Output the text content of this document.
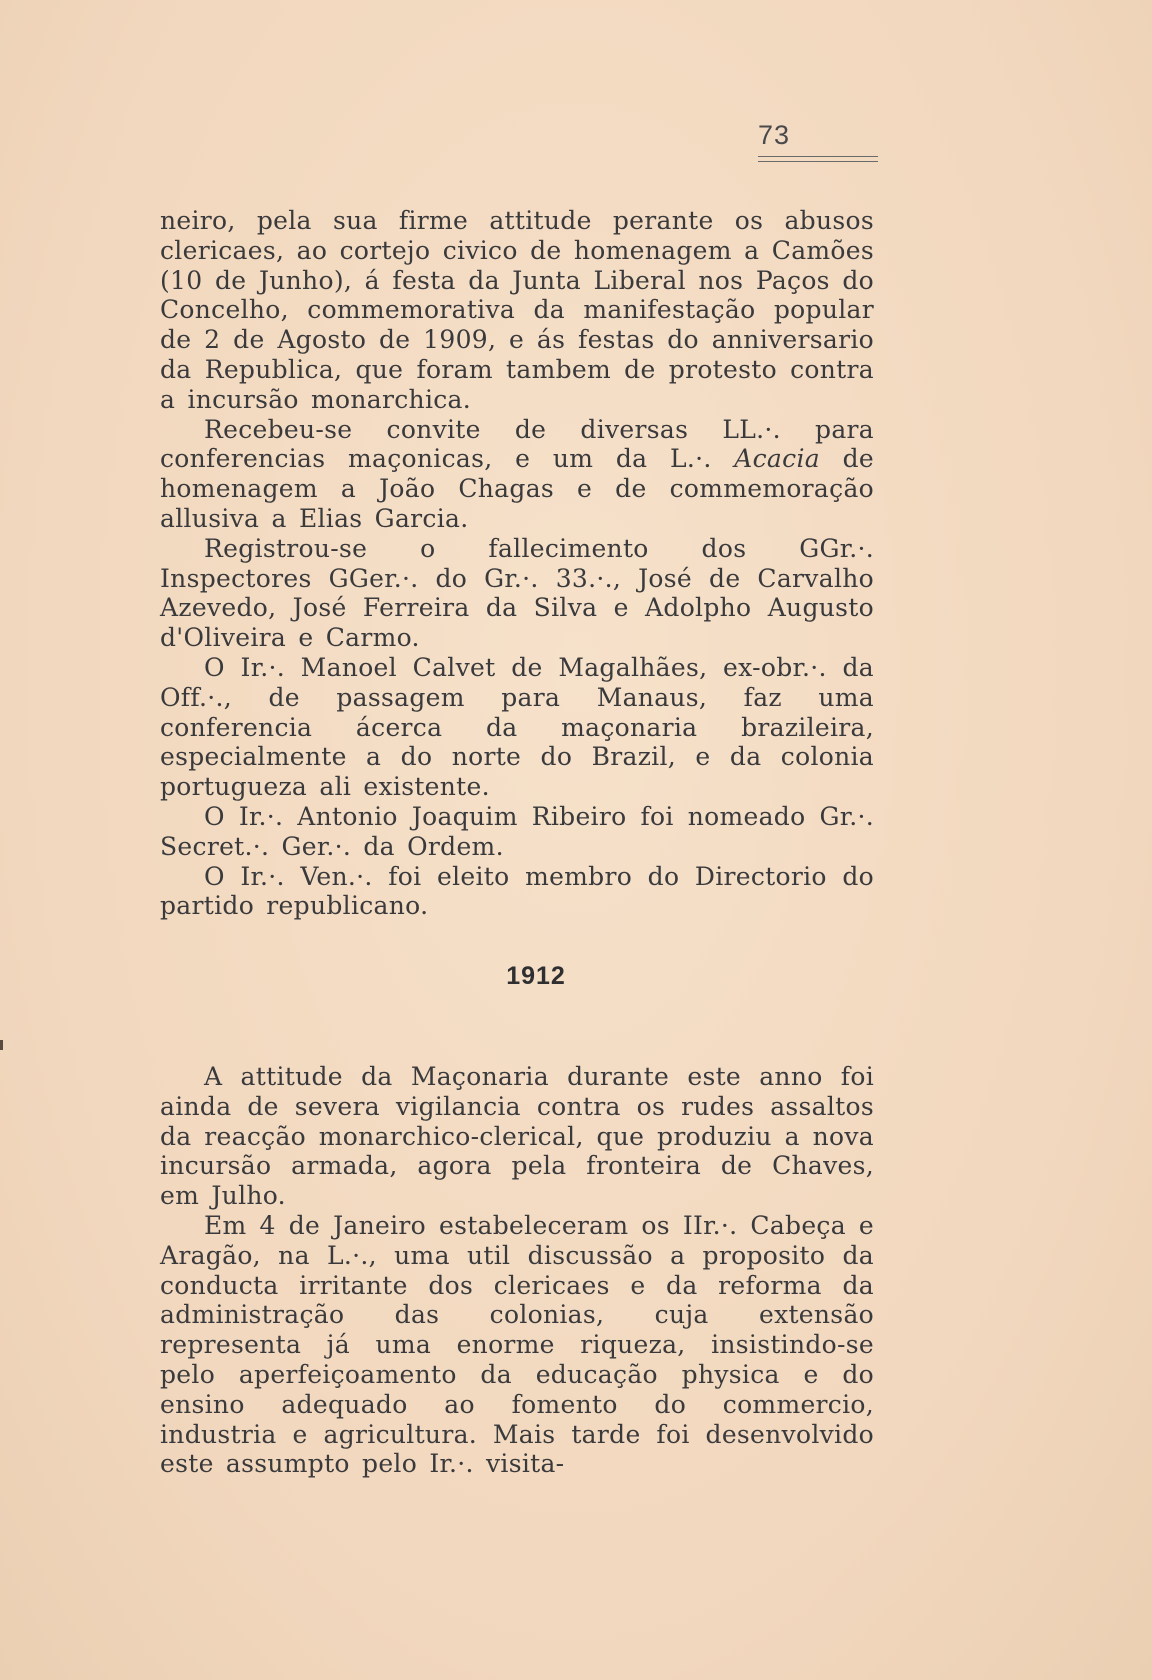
73

neiro, pela sua firme attitude perante os abusos clericaes, ao cortejo civico de homenagem a Camões (10 de Junho), á festa da Junta Liberal nos Paços do Concelho, commemorativa da manifestação popular de 2 de Agosto de 1909, e ás festas do anniversario da Republica, que foram tambem de protesto contra a incursão monarchica.

Recebeu-se convite de diversas LL.·. para conferencias maçonicas, e um da L.·. Acacia de homenagem a João Chagas e de commemoração allusiva a Elias Garcia.

Registrou-se o fallecimento dos GGr.·. Inspectores GGer.·. do Gr.·. 33.·., José de Carvalho Azevedo, José Ferreira da Silva e Adolpho Augusto d'Oliveira e Carmo.

O Ir.·. Manoel Calvet de Magalhães, ex-obr.·. da Off.·., de passagem para Manaus, faz uma conferencia ácerca da maçonaria brazileira, especialmente a do norte do Brazil, e da colonia portugueza ali existente.

O Ir.·. Antonio Joaquim Ribeiro foi nomeado Gr.·. Secret.·. Ger.·. da Ordem.

O Ir.·. Ven.·. foi eleito membro do Directorio do partido republicano.

1912

A attitude da Maçonaria durante este anno foi ainda de severa vigilancia contra os rudes assaltos da reacção monarchico-clerical, que produziu a nova incursão armada, agora pela fronteira de Chaves, em Julho.

Em 4 de Janeiro estabeleceram os IIr.·. Cabeça e Aragão, na L.·., uma util discussão a proposito da conducta irritante dos clericaes e da reforma da administração das colonias, cuja extensão representa já uma enorme riqueza, insistindo-se pelo aperfeiçoamento da educação physica e do ensino adequado ao fomento do commercio, industria e agricultura. Mais tarde foi desenvolvido este assumpto pelo Ir.·. visita-
